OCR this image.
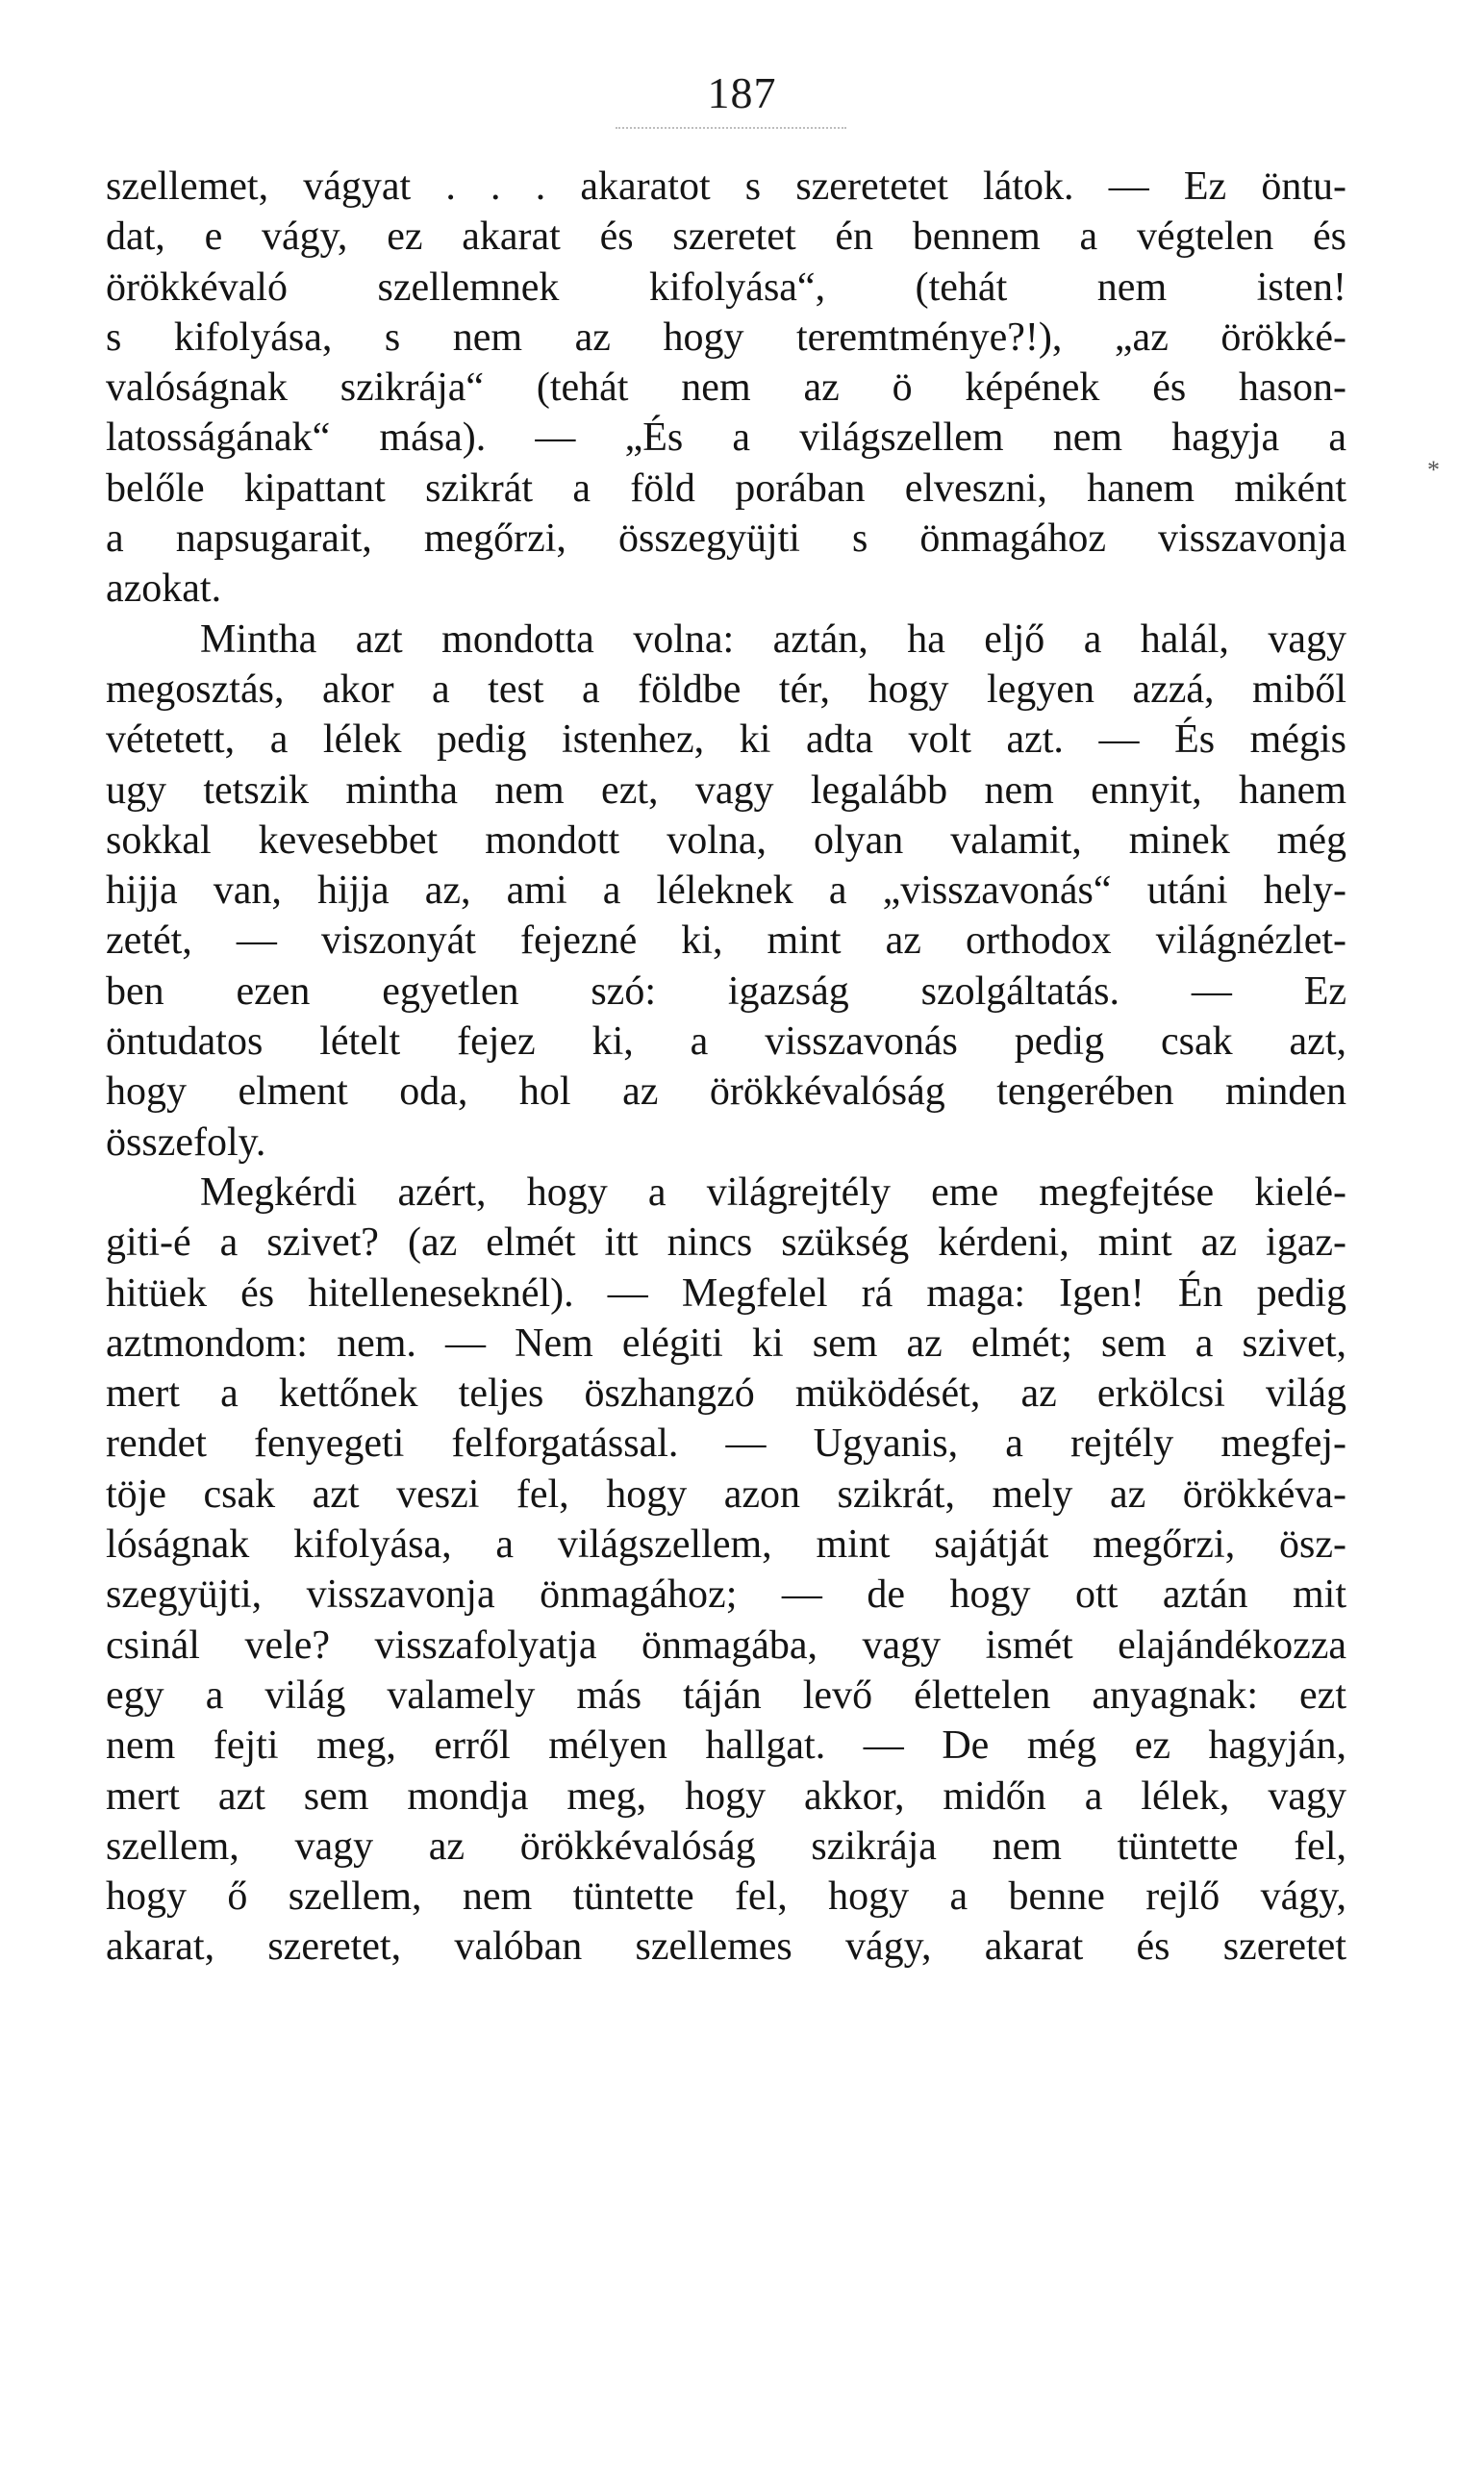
187
*
szellemet, vágyat . . . akaratot s szeretetet látok. — Ez öntu-
dat, e vágy, ez akarat és szeretet én bennem a végtelen és
örökkévaló szellemnek kifolyása“, (tehát nem isten!
s kifolyása, s nem az hogy teremtménye?!), „az örökké-
valóságnak szikrája“ (tehát nem az ö képének és hason-
latosságának“ mása). — „És a világszellem nem hagyja a
belőle kipattant szikrát a föld porában elveszni, hanem miként
a napsugarait, megőrzi, összegyüjti s önmagához visszavonja
azokat.
Mintha azt mondotta volna: aztán, ha eljő a halál, vagy
megosztás, akor a test a földbe tér, hogy legyen azzá, miből
vétetett, a lélek pedig istenhez, ki adta volt azt. — És mégis
ugy tetszik mintha nem ezt, vagy legalább nem ennyit, hanem
sokkal kevesebbet mondott volna, olyan valamit, minek még
hijja van, hijja az, ami a léleknek a „visszavonás“ utáni hely-
zetét, — viszonyát fejezné ki, mint az orthodox világnézlet-
ben ezen egyetlen szó: igazság szolgáltatás. — Ez
öntudatos lételt fejez ki, a visszavonás pedig csak azt,
hogy elment oda, hol az örökkévalóság tengerében minden
összefoly.
Megkérdi azért, hogy a világrejtély eme megfejtése kielé-
giti-é a szivet? (az elmét itt nincs szükség kérdeni, mint az igaz-
hitüek és hitelleneseknél). — Megfelel rá maga: Igen! Én pedig
aztmondom: nem. — Nem elégiti ki sem az elmét; sem a szivet,
mert a kettőnek teljes öszhangzó müködését, az erkölcsi világ
rendet fenyegeti felforgatással. — Ugyanis, a rejtély megfej-
töje csak azt veszi fel, hogy azon szikrát, mely az örökkéva-
lóságnak kifolyása, a világszellem, mint sajátját megőrzi, ösz-
szegyüjti, visszavonja önmagához; — de hogy ott aztán mit
csinál vele? visszafolyatja önmagába, vagy ismét elajándékozza
egy a világ valamely más táján levő élettelen anyagnak: ezt
nem fejti meg, erről mélyen hallgat. — De még ez hagyján,
mert azt sem mondja meg, hogy akkor, midőn a lélek, vagy
szellem, vagy az örökkévalóság szikrája nem tüntette fel,
hogy ő szellem, nem tüntette fel, hogy a benne rejlő vágy,
akarat, szeretet, valóban szellemes vágy, akarat és szeretet
